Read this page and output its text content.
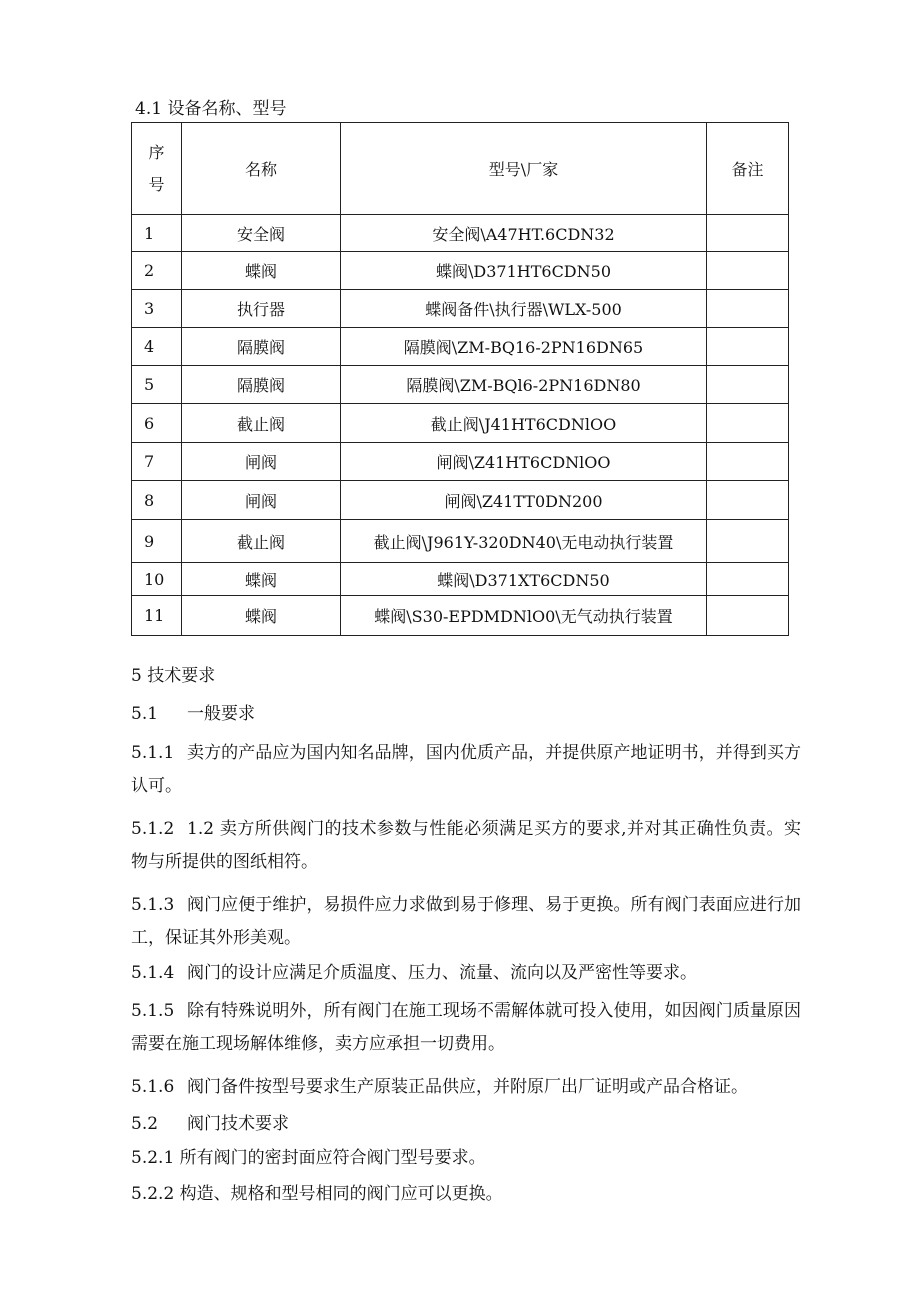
4.1 设备名称、型号
序
号	名称	型号\厂家	备注
1	安全阀	安全阀\A47HT.6CDN32	
2	蝶阀	蝶阀\D371HT6CDN50	
3	执行器	蝶阀备件\执行器\WLX-500	
4	隔膜阀	隔膜阀\ZM-BQ16-2PN16DN65	
5	隔膜阀	隔膜阀\ZM-BQl6-2PN16DN80	
6	截止阀	截止阀\J41HT6CDNlOO	
7	闸阀	闸阀\Z41HT6CDNlOO	
8	闸阀	闸阀\Z41TT0DN200	
9	截止阀	截止阀\J961Y-320DN40\无电动执行装置	
10	蝶阀	蝶阀\D371XT6CDN50	
11	蝶阀	蝶阀\S30-EPDMDNlO0\无气动执行装置	
5 技术要求
5.1 一般要求
5.1.1 卖方的产品应为国内知名品牌，国内优质产品，并提供原产地证明书，并得到买方认可。
5.1.2 1.2 卖方所供阀门的技术参数与性能必须满足买方的要求,并对其正确性负责。实物与所提供的图纸相符。
5.1.3 阀门应便于维护，易损件应力求做到易于修理、易于更换。所有阀门表面应进行加工，保证其外形美观。
5.1.4 阀门的设计应满足介质温度、压力、流量、流向以及严密性等要求。
5.1.5 除有特殊说明外，所有阀门在施工现场不需解体就可投入使用，如因阀门质量原因需要在施工现场解体维修，卖方应承担一切费用。
5.1.6 阀门备件按型号要求生产原装正品供应，并附原厂出厂证明或产品合格证。
5.2 阀门技术要求
5.2.1 所有阀门的密封面应符合阀门型号要求。
5.2.2 构造、规格和型号相同的阀门应可以更换。
